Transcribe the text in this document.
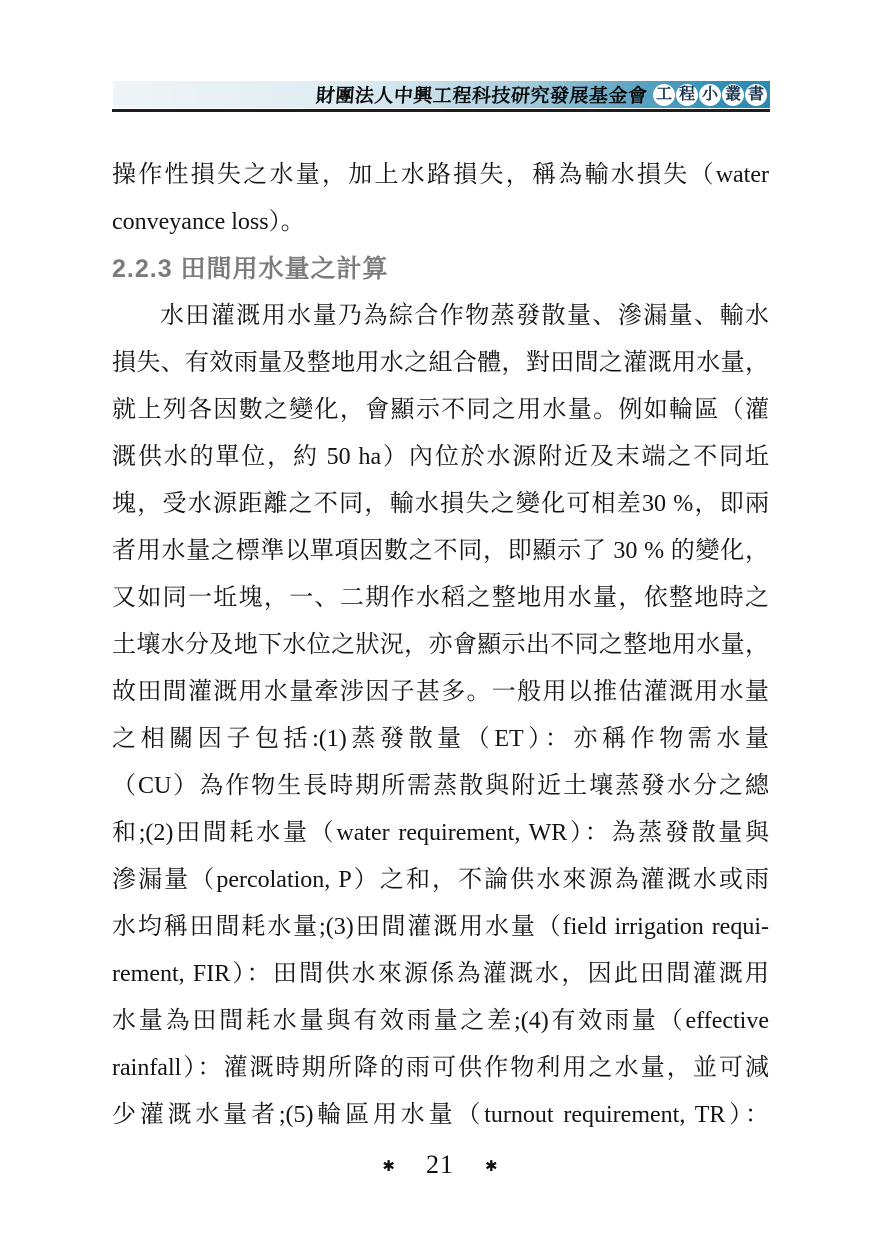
財團法人中興工程科技研究發展基金會 工 程 小 叢 書
操作性損失之水量，加上水路損失，稱為輸水損失（water
conveyance loss）。
2.2.3 田間用水量之計算
水田灌溉用水量乃為綜合作物蒸發散量、滲漏量、輸水
損失、有效雨量及整地用水之組合體，對田間之灌溉用水量，
就上列各因數之變化，會顯示不同之用水量。例如輪區（灌
溉供水的單位，約 50 ha）內位於水源附近及末端之不同坵
塊，受水源距離之不同，輸水損失之變化可相差30 %，即兩
者用水量之標準以單項因數之不同，即顯示了 30 % 的變化，
又如同一坵塊，一、二期作水稻之整地用水量，依整地時之
土壤水分及地下水位之狀況，亦會顯示出不同之整地用水量，
故田間灌溉用水量牽涉因子甚多。一般用以推估灌溉用水量
之相關因子包括:(1)蒸發散量（ET）：亦稱作物需水量
（CU）為作物生長時期所需蒸散與附近土壤蒸發水分之總
和;(2)田間耗水量（water requirement, WR）：為蒸發散量與
滲漏量（percolation, P）之和，不論供水來源為灌溉水或雨
水均稱田間耗水量;(3)田間灌溉用水量（field irrigation requi-
rement, FIR）：田間供水來源係為灌溉水，因此田間灌溉用
水量為田間耗水量與有效雨量之差;(4)有效雨量（effective
rainfall）：灌溉時期所降的雨可供作物利用之水量，並可減
少灌溉水量者;(5)輪區用水量（turnout requirement, TR）：
✱ 21 ✱
